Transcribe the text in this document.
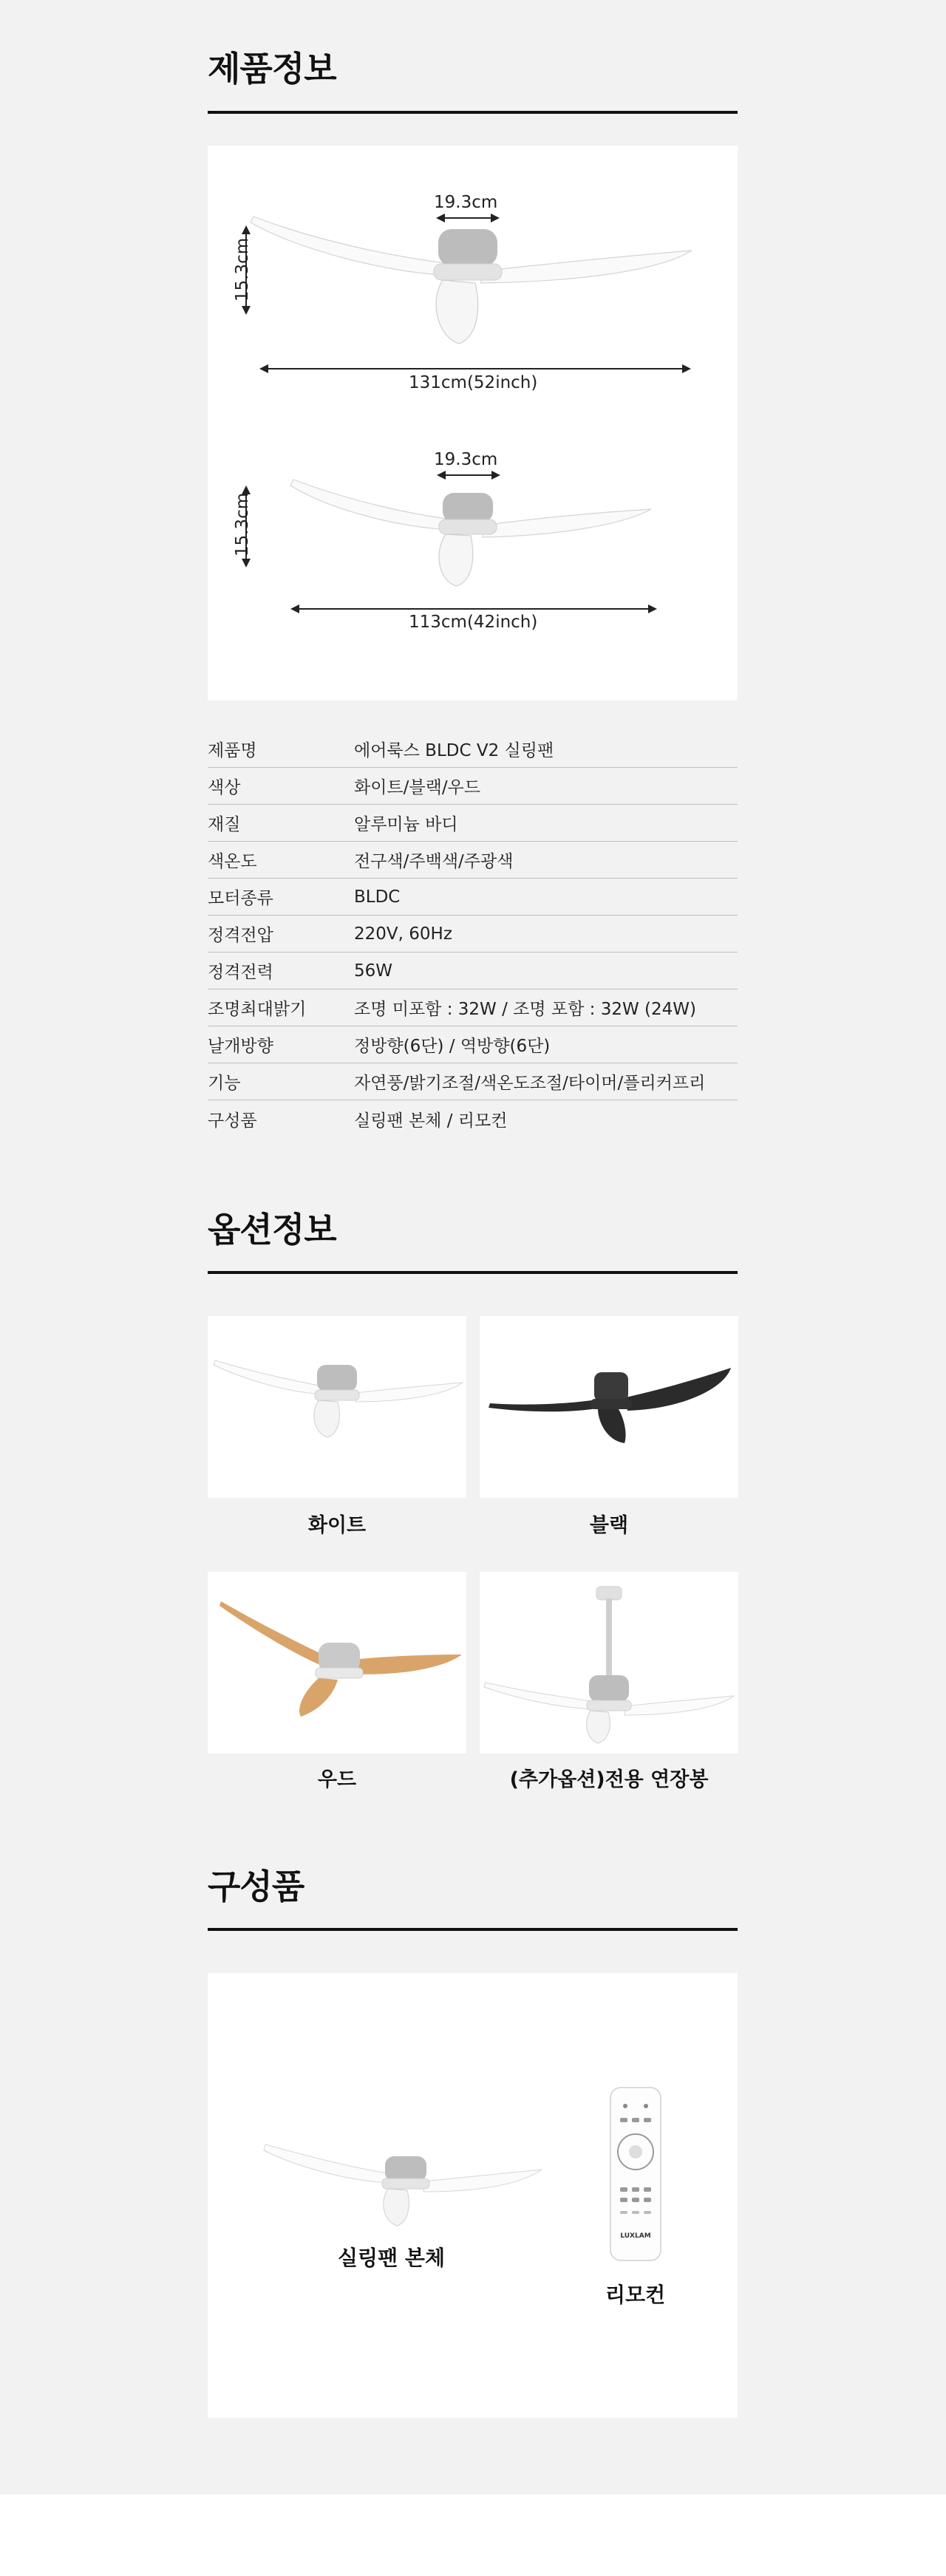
제품정보
19.3cm
15.3cm
131cm(52inch)
19.3cm
15.3cm
113cm(42inch)
제품명	에어룩스 BLDC V2 실링팬
색상	화이트/블랙/우드
재질	알루미늄 바디
색온도	전구색/주백색/주광색
모터종류	BLDC
정격전압	220V, 60Hz
정격전력	56W
조명최대밝기	조명 미포함 : 32W / 조명 포함 : 32W (24W)
날개방향	정방향(6단) / 역방향(6단)
기능	자연풍/밝기조절/색온도조절/타이머/플리커프리
구성품	실링팬 본체 / 리모컨
옵션정보
화이트	블랙
우드	(추가옵션)전용 연장봉
구성품
LUXLAM
실링팬 본체
리모컨
